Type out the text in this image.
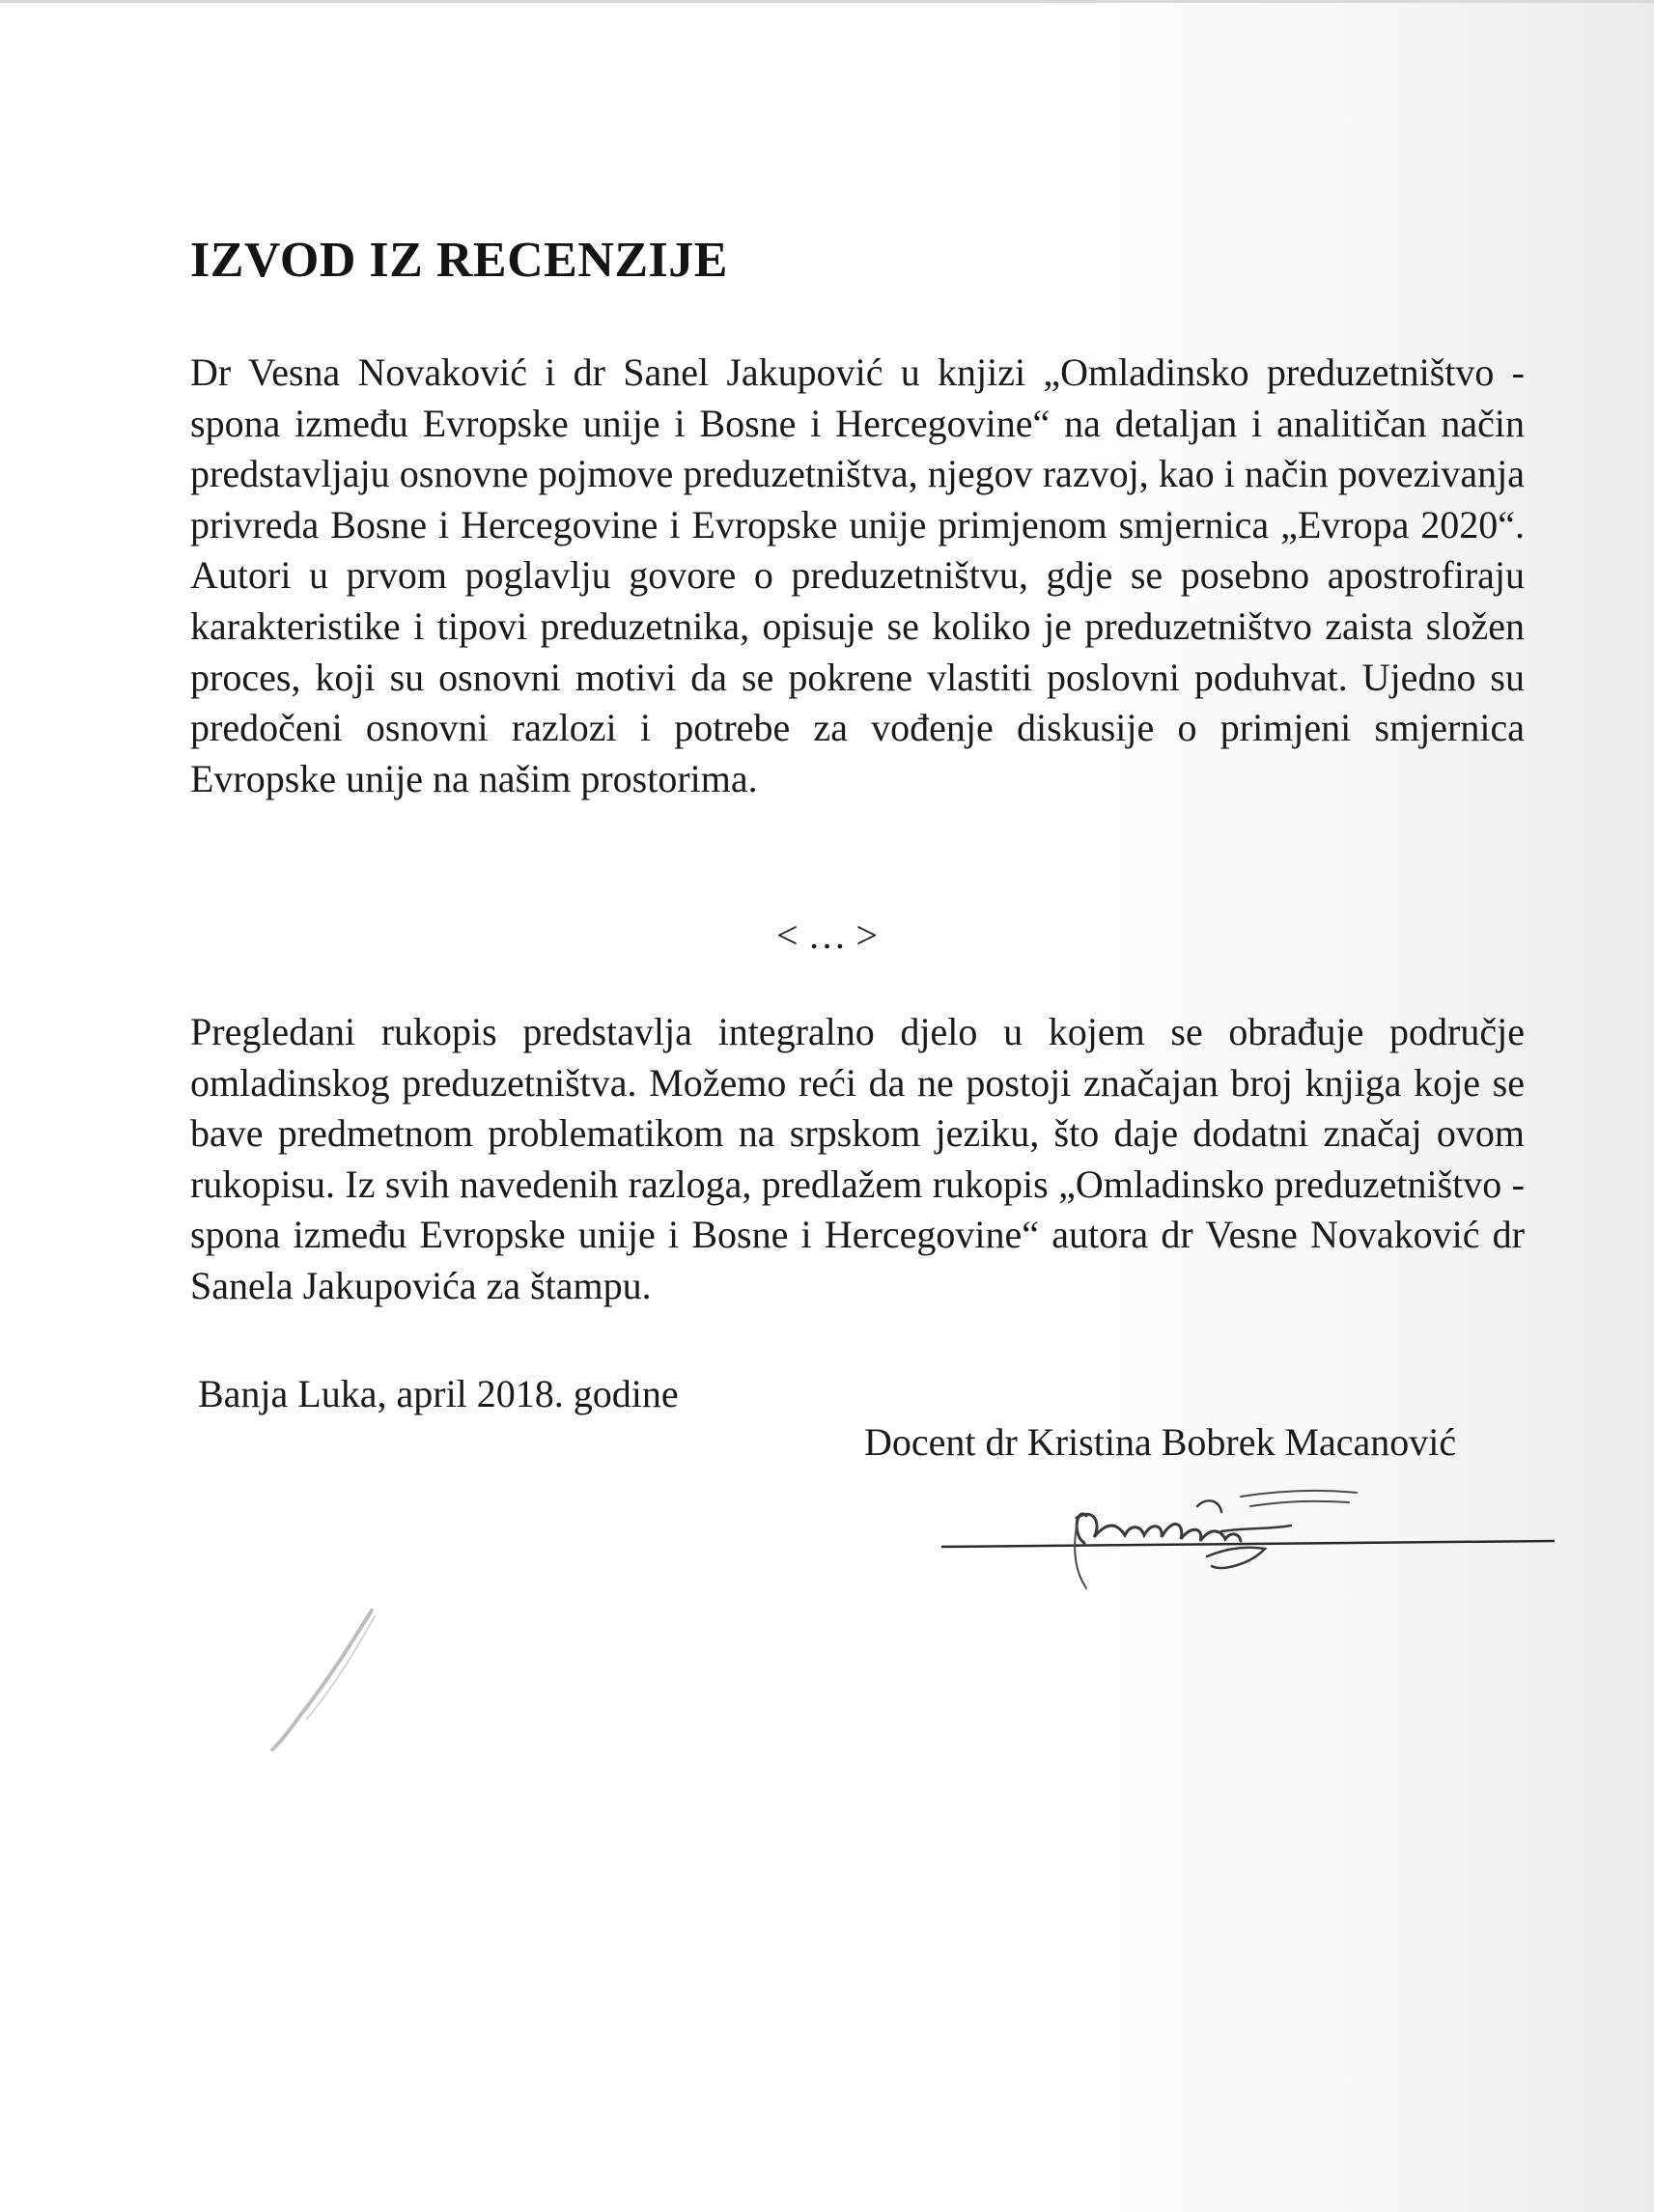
IZVOD IZ RECENZIJE

Dr Vesna Novaković i dr Sanel Jakupović u knjizi „Omladinsko preduzetništvo - spona između Evropske unije i Bosne i Hercegovine“ na detaljan i analitičan način predstavljaju osnovne pojmove preduzetništva, njegov razvoj, kao i način povezivanja privreda Bosne i Hercegovine i Evropske unije primjenom smjernica „Evropa 2020“. Autori u prvom poglavlju govore o preduzetništvu, gdje se posebno apostrofiraju karakteristike i tipovi preduzetnika, opisuje se koliko je preduzetništvo zaista složen proces, koji su osnovni motivi da se pokrene vlastiti poslovni poduhvat. Ujedno su predočeni osnovni razlozi i potrebe za vođenje diskusije o primjeni smjernica Evropske unije na našim prostorima.

< … >

Pregledani rukopis predstavlja integralno djelo u kojem se obrađuje područje omladinskog preduzetništva. Možemo reći da ne postoji značajan broj knjiga koje se bave predmetnom problematikom na srpskom jeziku, što daje dodatni značaj ovom rukopisu. Iz svih navedenih razloga, predlažem rukopis „Omladinsko preduzetništvo - spona između Evropske unije i Bosne i Hercegovine“ autora dr Vesne Novaković dr Sanela Jakupovića za štampu.

Banja Luka, april 2018. godine
Docent dr Kristina Bobrek Macanović
